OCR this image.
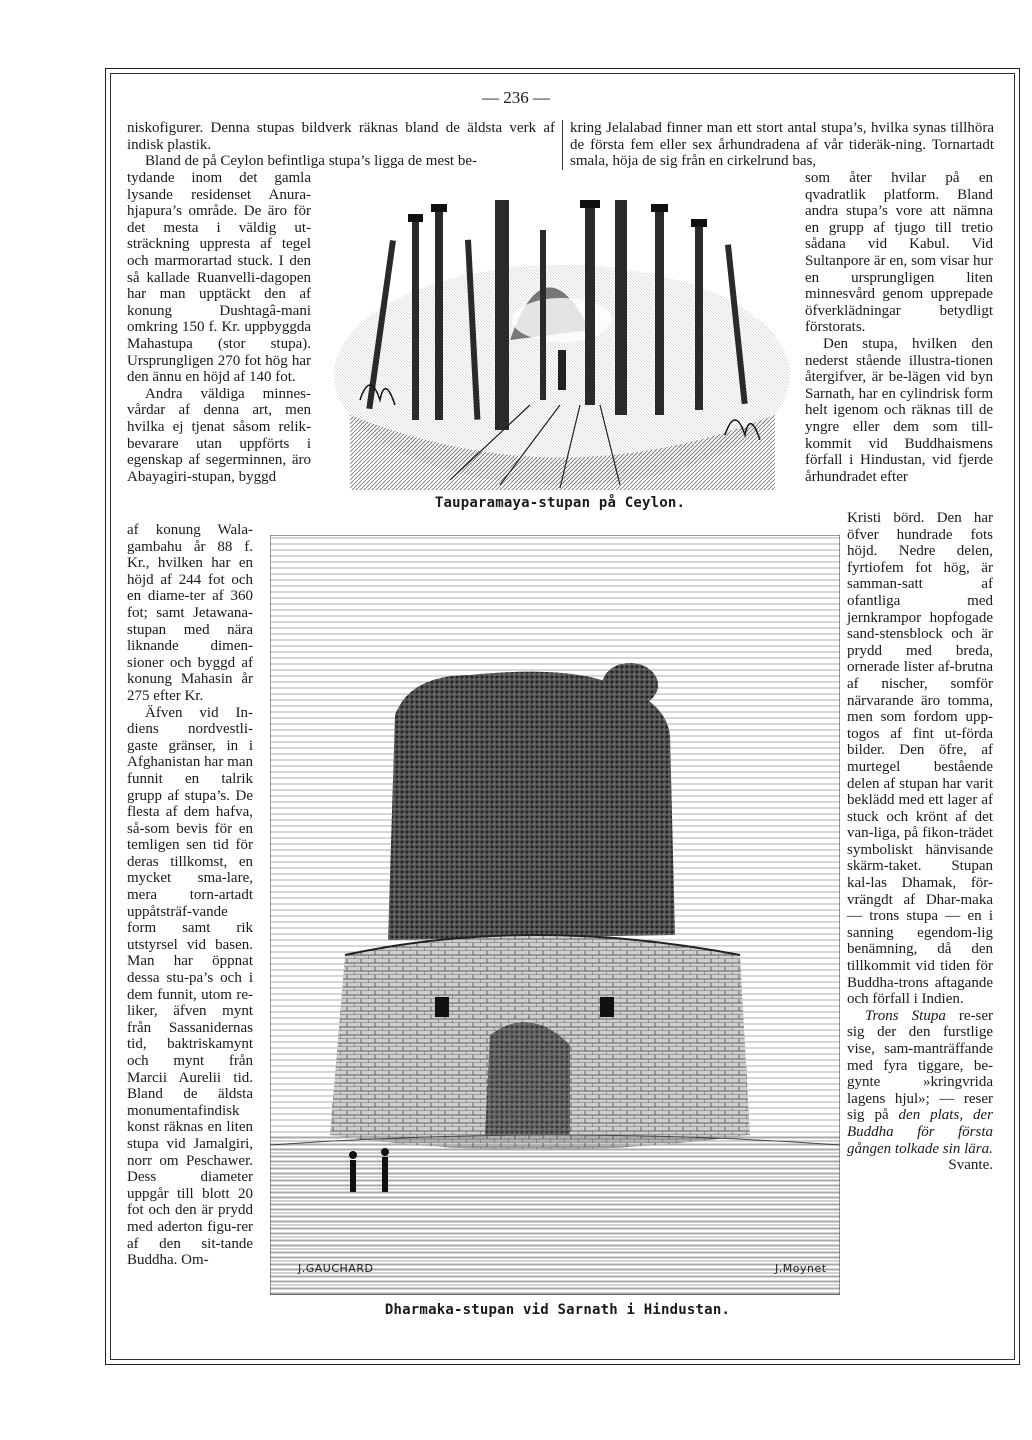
— 236 —

niskofigurer. Denna stupas bildverk räknas bland de äldsta verk af indisk plastik.

Bland de på Ceylon befintliga stupa’s ligga de mest be-

kring Jelalabad finner man ett stort antal stupa’s, hvilka synas tillhöra de första fem eller sex århundradena af vår tideräk-ning. Tornartadt smala, höja de sig från en cirkelrund bas,

tydande inom det gamla lysande residenset Anura-hjapura’s område. De äro för det mesta i väldig ut-sträckning uppresta af tegel och marmorartad stuck. I den så kallade Ruanvelli-dagopen har man upptäckt den af konung Dushtagâ-mani omkring 150 f. Kr. uppbyggda Mahastupa (stor stupa). Ursprungligen 270 fot hög har den ännu en höjd af 140 fot.

Andra väldiga minnes-vårdar af denna art, men hvilka ej tjenat såsom relik-bevarare utan uppförts i egenskap af segerminnen, äro Abayagiri-stupan, byggd

af konung Wala-gambahu år 88 f. Kr., hvilken har en höjd af 244 fot och en diame-ter af 360 fot; samt Jetawana-stupan med nära liknande dimen-sioner och byggd af konung Mahasin år 275 efter Kr.

Äfven vid In-diens nordvestli-gaste gränser, in i Afghanistan har man funnit en talrik grupp af stupa’s. De flesta af dem hafva, så-som bevis för en temligen sen tid för deras tillkomst, en mycket sma-lare, mera torn-artadt uppåtsträf-vande form samt rik utstyrsel vid basen. Man har öppnat dessa stu-pa’s och i dem funnit, utom re-liker, äfven mynt från Sassanidernas tid, baktriskamynt och mynt från Marcii Aurelii tid. Bland de äldsta monumentafindisk konst räknas en liten stupa vid Jamalgiri, norr om Peschawer. Dess diameter uppgår till blott 20 fot och den är prydd med aderton figu-rer af den sit-tande Buddha. Om-

som åter hvilar på en qvadratlik platform. Bland andra stupa’s vore att nämna en grupp af tjugo till tretio sådana vid Kabul. Vid Sultanpore är en, som visar hur en ursprungligen liten minnesvård genom upprepade öfverklädningar betydligt förstorats.

Den stupa, hvilken den nederst stående illustra-tionen återgifver, är be-lägen vid byn Sarnath, har en cylindrisk form helt igenom och räknas till de yngre eller dem som till-kommit vid Buddhaismens förfall i Hindustan, vid fjerde århundradet efter

Kristi börd. Den har öfver hundrade fots höjd. Nedre delen, fyrtiofem fot hög, är samman-satt af ofantliga med jernkrampor hopfogade sand-stensblock och är prydd med breda, ornerade lister af-brutna af nischer, somför närvarande äro tomma, men som fordom upp-togos af fint ut-förda bilder. Den öfre, af murtegel bestående delen af stupan har varit beklädd med ett lager af stuck och krönt af det van-liga, på fikon-trädet symboliskt hänvisande skärm-taket. Stupan kal-las Dhamak, för-vrängdt af Dhar-maka — trons stupa — en i sanning egendom-lig benämning, då den tillkommit vid tiden för Buddha-trons aftagande och förfall i Indien.

Trons Stupa re-ser sig der den furstlige vise, sam-manträffande med fyra tiggare, be-gynte »kringvrida lagens hjul»; — reser sig på den plats, der Buddha för första gången tolkade sin lära.

Svante.

Tauparamaya-stupan på Ceylon.
J.GAUCHARD	J.Moynet
Dharmaka-stupan vid Sarnath i Hindustan.
